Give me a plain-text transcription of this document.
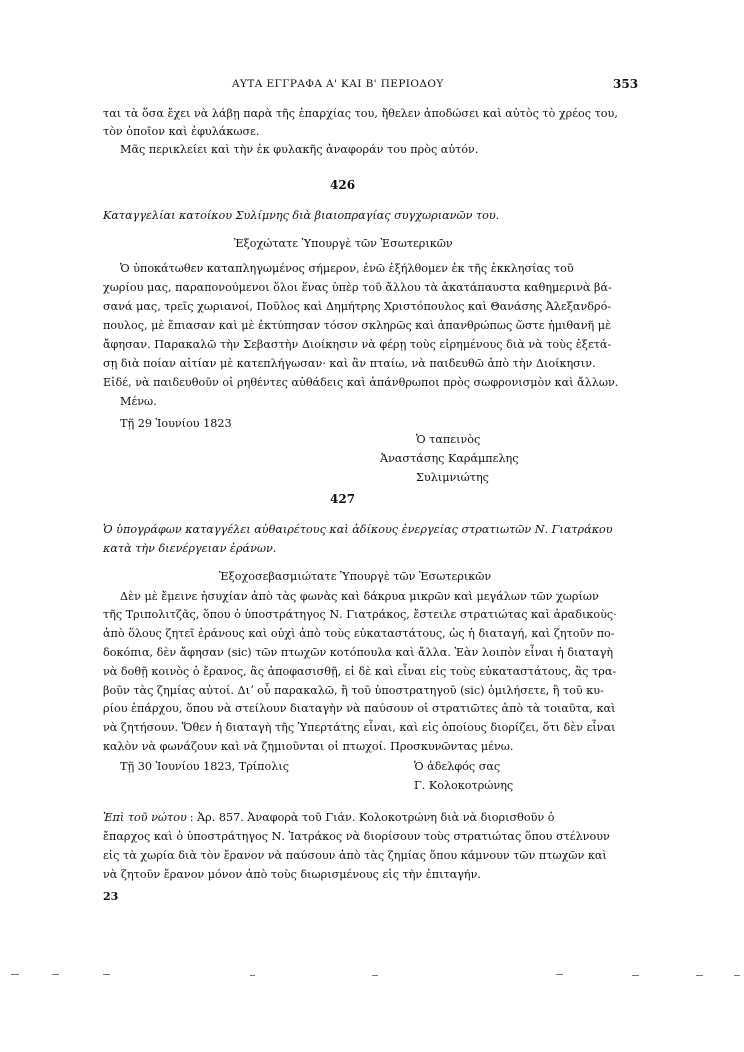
ΑΥΤΑ ΕΓΓΡΑΦΑ Α' ΚΑΙ Β' ΠΕΡΙΟΔΟΥ	353
ται τὰ ὅσα ἔχει νὰ λάβῃ παρὰ τῆς ἐπαρχίας του, ἤθελεν ἀποδώσει καὶ αὐτὸς τὸ χρέος του,
τὸν ὁποῖον καὶ ἐφυλάκωσε.
Μᾶς περικλείει καὶ τὴν ἐκ φυλακῆς ἀναφοράν του πρὸς αὐτόν.
426
Καταγγελίαι κατοίκου Συλίμνης διὰ βιαιοπραγίας συγχωριανῶν του.
Ἐξοχώτατε Ὑπουργὲ τῶν Ἐσωτερικῶν
Ὁ ὑποκάτωθεν καταπληγωμένος σήμερον, ἐνῶ ἐξήλθομεν ἐκ τῆς ἐκκλησίας τοῦ
χωρίου μας, παραπονούμενοι ὅλοι ἕνας ὑπὲρ τοῦ ἄλλου τὰ ἀκατάπαυστα καθημερινὰ βά-
σανά μας, τρεῖς χωριανοί, Ποῦλος καὶ Δημήτρης Χριστόπουλος καὶ Θανάσης Ἀλεξανδρό-
πουλος, μὲ ἔπιασαν καὶ μὲ ἐκτύπησαν τόσον σκληρῶς καὶ ἀπανθρώπως ὥστε ἡμιθανῆ μὲ
ἄφησαν. Παρακαλῶ τὴν Σεβαστὴν Διοίκησιν νὰ φέρῃ τοὺς εἰρημένους διὰ νὰ τοὺς ἐξετά-
σῃ διὰ ποίαν αἰτίαν μὲ κατεπλήγωσαν· καὶ ἂν πταίω, νὰ παιδευθῶ ἀπὸ τὴν Διοίκησιν.
Εἰδέ, νὰ παιδευθοῦν οἱ ρηθέντες αὐθάδεις καὶ ἀπάνθρωποι πρὸς σωφρονισμὸν καὶ ἄλλων.
Μένω.
Τῇ 29 Ἰουνίου 1823
Ὁ ταπεινὸς
Ἀναστάσης Καράμπελης
Συλιμνιώτης
427
Ὁ ὑπογράφων καταγγέλει αὐθαιρέτους καὶ ἀδίκους ἐνεργείας στρατιωτῶν Ν. Γιατράκου
κατὰ τὴν διενέργειαν ἐράνων.
Ἐξοχοσεβασμιώτατε Ὑπουργὲ τῶν Ἐσωτερικῶν
Δὲν μὲ ἔμεινε ἡσυχίαν ἀπὸ τὰς φωνὰς καὶ δάκρυα μικρῶν καὶ μεγάλων τῶν χωρίων
τῆς Τριπολιτζᾶς, ὅπου ὁ ὑποστράτηγος Ν. Γιατράκος, ἔστειλε στρατιώτας καὶ ἀραδικοὺς·
ἀπὸ ὅλους ζητεῖ ἐράνους καὶ οὐχὶ ἀπὸ τοὺς εὐκαταστάτους, ὡς ἡ διαταγή, καὶ ζητοῦν πο-
δοκόπια, δὲν ἄφησαν (sic) τῶν πτωχῶν κοτόπουλα καὶ ἄλλα. Ἐὰν λοιπὸν εἶναι ἡ διαταγὴ
νὰ δοθῇ κοινὸς ὁ ἔρανος, ἂς ἀποφασισθῇ, εἰ δὲ καὶ εἶναι εἰς τοὺς εὐκαταστάτους, ἂς τρα-
βοῦν τὰς ζημίας αὐτοί. Διʼ οὗ παρακαλῶ, ἢ τοῦ ὑποστρατηγοῦ (sic) ὁμιλήσετε, ἢ τοῦ κυ-
ρίου ἐπάρχου, ὅπου νὰ στείλουν διαταγὴν νὰ παύσουν οἱ στρατιῶτες ἀπὸ τὰ τοιαῦτα, καὶ
νὰ ζητήσουν. Ὅθεν ἡ διαταγὴ τῆς Ὑπερτάτης εἶναι, καὶ εἰς ὁποίους διορίζει, ὅτι δὲν εἶναι
καλὸν νὰ φωνάζουν καὶ νὰ ζημιοῦνται οἱ πτωχοί. Προσκυνῶντας μένω.
Τῇ 30 Ἰουνίου 1823, Τρίπολις	Ὁ ἀδελφός σας
Γ. Κολοκοτρώνης
Ἐπὶ τοῦ νώτου : Ἀρ. 857. Ἀναφορὰ τοῦ Γιάν. Κολοκοτρώνη διὰ νὰ διορισθοῦν ὁ
ἔπαρχος καὶ ὁ ὑποστράτηγος Ν. Ἰατράκος νὰ διορίσουν τοὺς στρατιώτας ὅπου στέλνουν
εἰς τὰ χωρία διὰ τὸν ἔρανον νὰ παύσουν ἀπὸ τὰς ζημίας ὅπου κάμνουν τῶν πτωχῶν καὶ
νὰ ζητοῦν ἔρανον μόνον ἀπὸ τοὺς διωρισμένους εἰς τὴν ἐπιταγήν.
23
